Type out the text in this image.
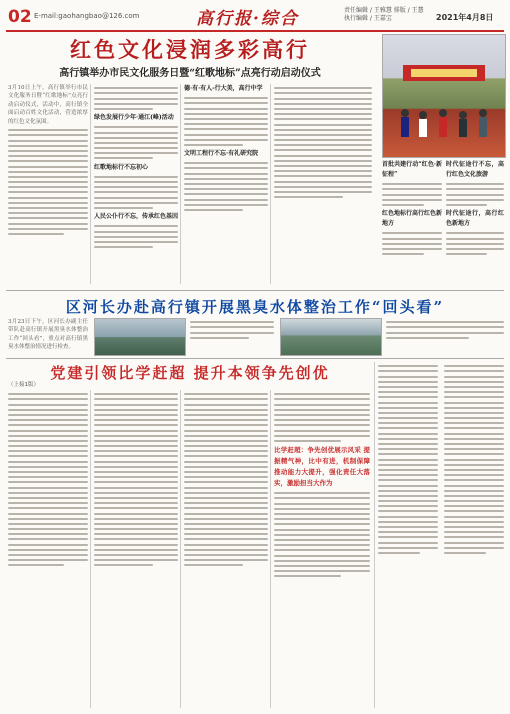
02 E-mail:gaohangbao@126.com	高行报·综合	责任编辑 / 王雅慧 排版 / 王慧
执行编辑 / 王嘉宝	2021年4月8日
红色文化浸润多彩高行
高行镇举办市民文化服务日暨“红歌地标”点亮行动启动仪式
3月10日上午，高行镇举行市民文化服务日暨“红歌地标”点亮行动启动仪式，活动中，高行镇全面启动百姓文化活动，营造浓厚的红色文化氛围。
绿色发展行少年·通江(峰)活动
红歌地标行不忘初心
人民公仆行不忘，传承红色基因
德·有·有人-行大美，高行中学
文明工程行不忘·有礼研究院
首批共建行动“红色·新征程”
红色地标行高行红色新地方
时代征途行不忘，高行红色文化旅游
时代征途行，高行红色新地方
区河长办赴高行镇开展黑臭水体整治工作“回头看”
3月23日下午，区河长办副主任带队赴高行镇开展黑臭水体整治工作“回头看”，重点对高行镇黑臭水体整治情况进行检查。
党建引领比学赶超 提升本领争先创优
（上接1版）
比学赶超：争先创优展示风采 提振精气神，比中有进，机制保障推动能力大提升，强化责任大落实，激励担当大作为
